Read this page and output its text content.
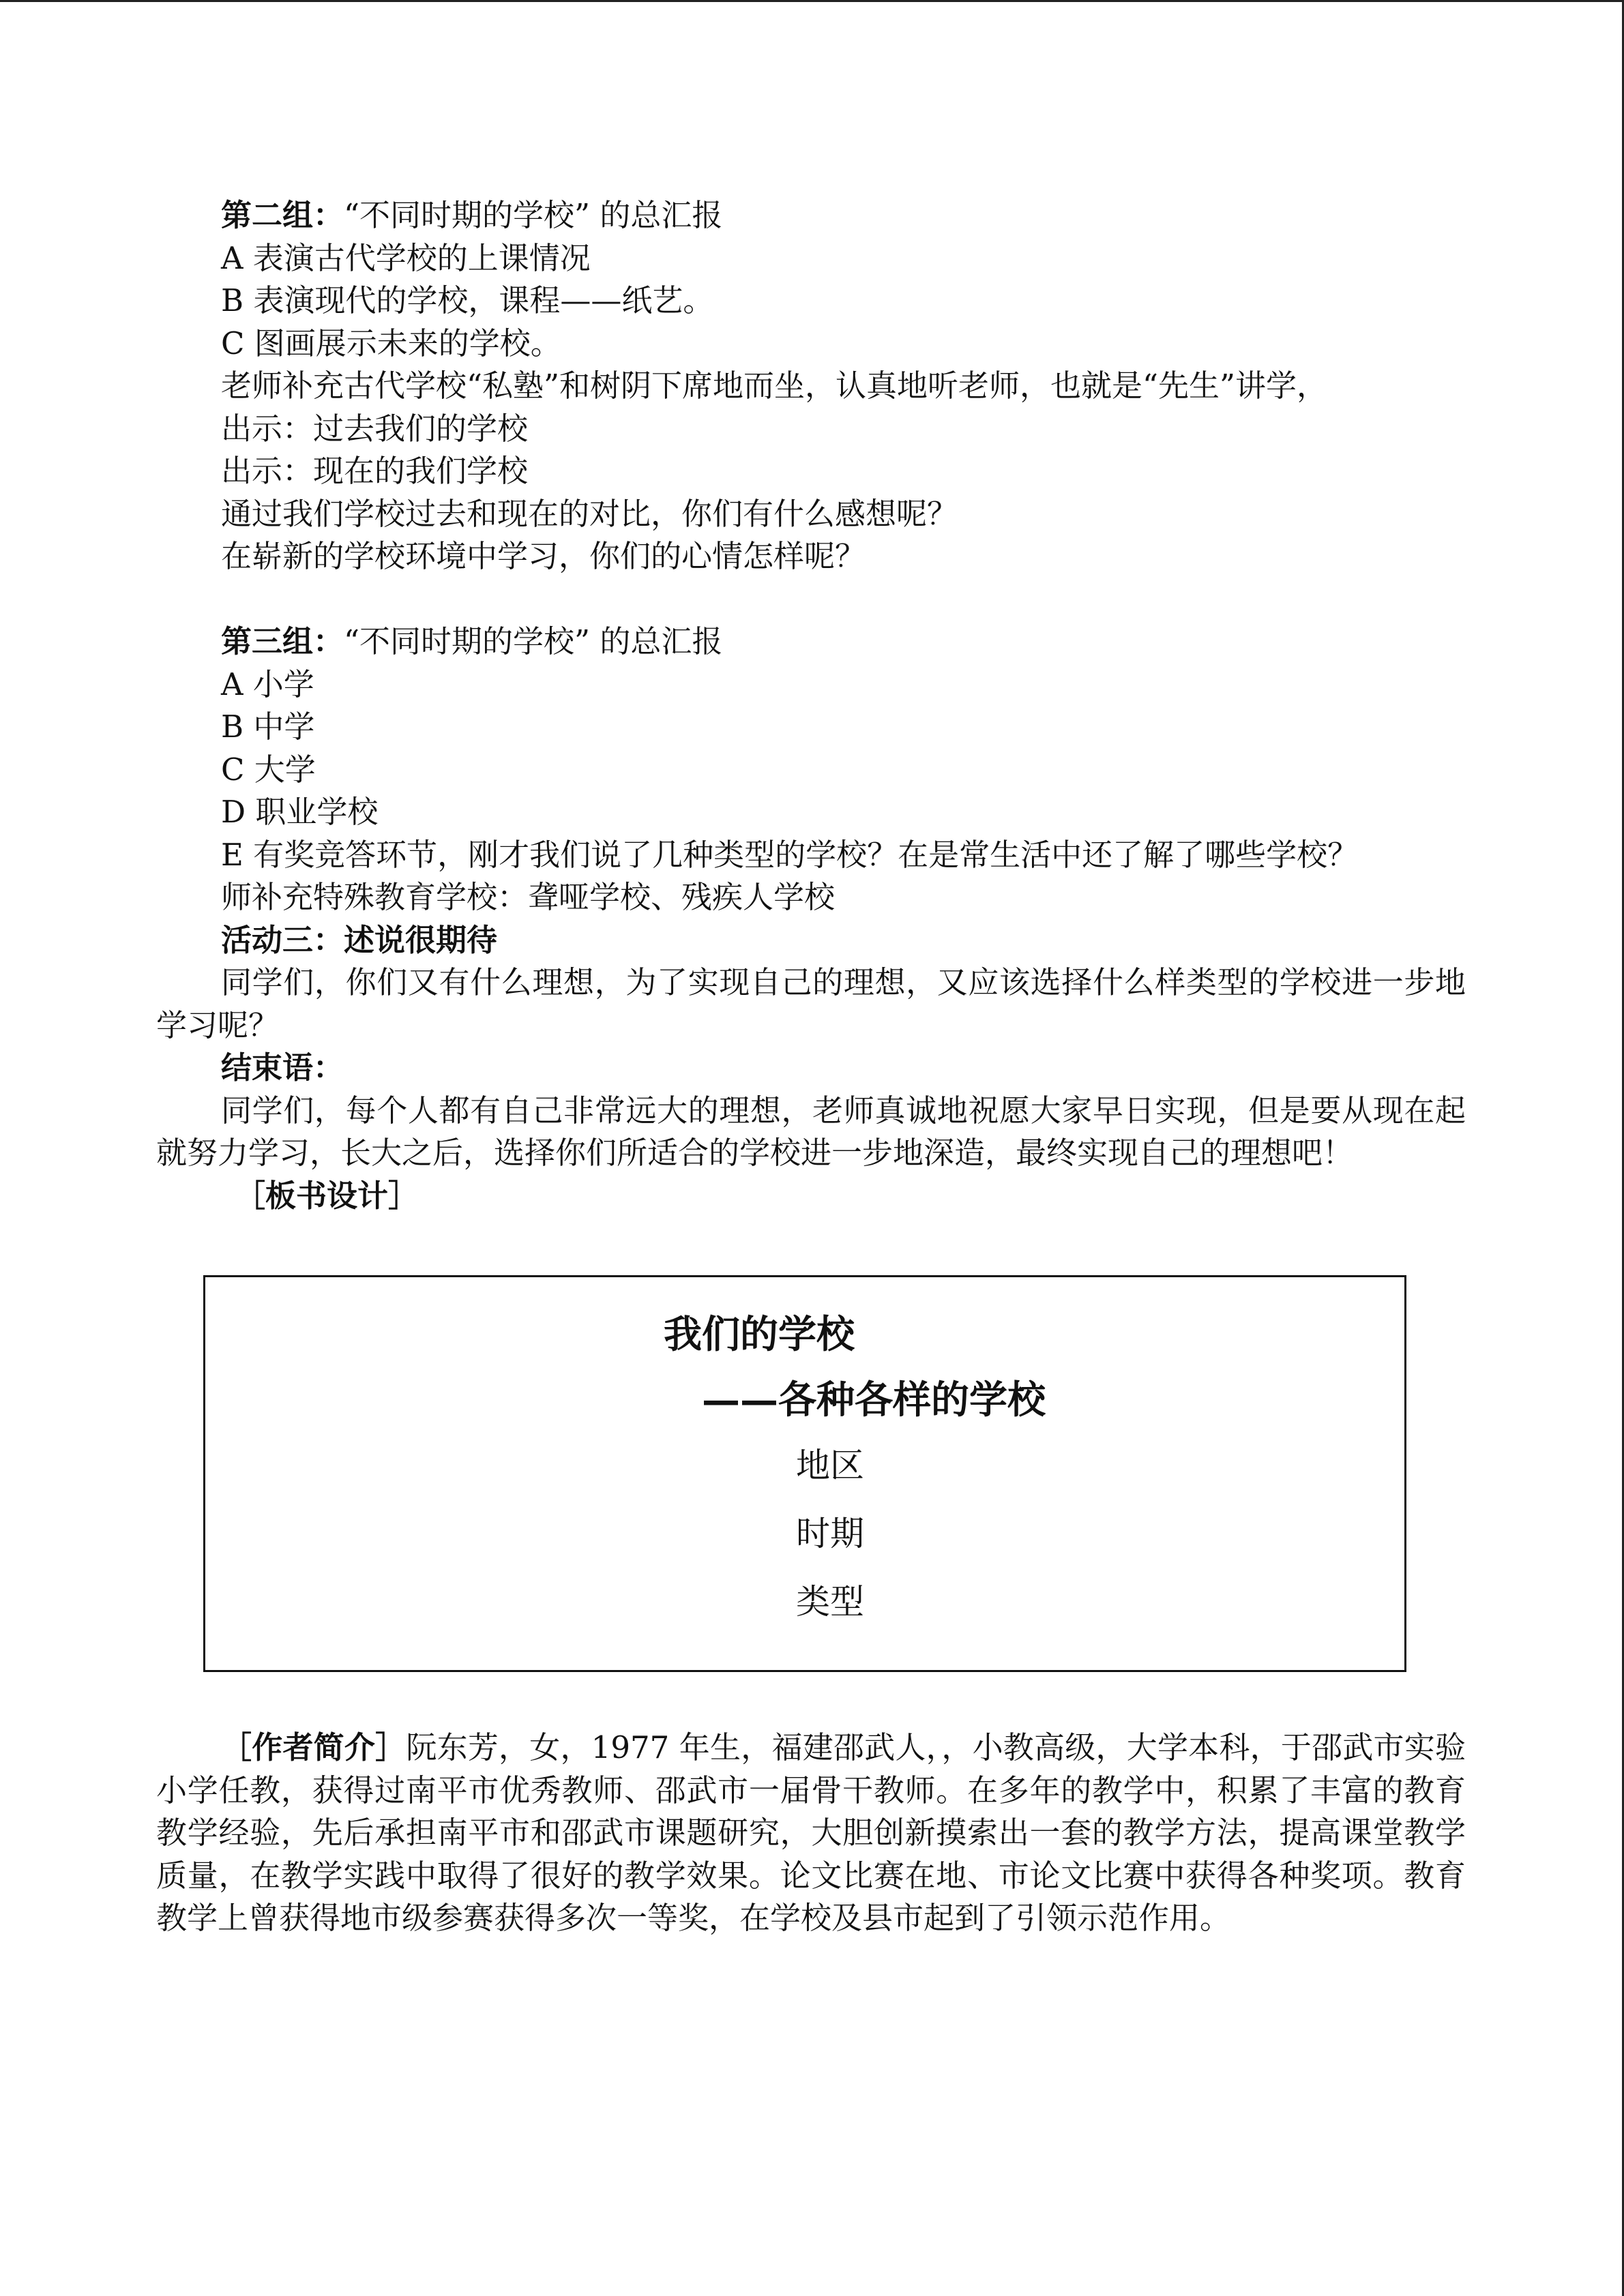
第二组：“不同时期的学校” 的总汇报
A 表演古代学校的上课情况
B 表演现代的学校，课程——纸艺。
C 图画展示未来的学校。
老师补充古代学校“私塾”和树阴下席地而坐，认真地听老师，也就是“先生”讲学，
出示：过去我们的学校
出示：现在的我们学校
通过我们学校过去和现在的对比，你们有什么感想呢？
在崭新的学校环境中学习，你们的心情怎样呢？
第三组：“不同时期的学校” 的总汇报
A 小学
B 中学
C 大学
D 职业学校
E 有奖竞答环节，刚才我们说了几种类型的学校？在是常生活中还了解了哪些学校？
师补充特殊教育学校：聋哑学校、残疾人学校
活动三：述说很期待

同学们，你们又有什么理想，为了实现自己的理想，又应该选择什么样类型的学校进一步地学习呢？

结束语：

同学们，每个人都有自己非常远大的理想，老师真诚地祝愿大家早日实现，但是要从现在起就努力学习，长大之后，选择你们所适合的学校进一步地深造，最终实现自己的理想吧！

［板书设计］
我们的学校
——各种各样的学校
地区
时期
类型

［作者简介］阮东芳，女，1977 年生，福建邵武人，，小教高级，大学本科，于邵武市实验小学任教，获得过南平市优秀教师、邵武市一届骨干教师。在多年的教学中，积累了丰富的教育教学经验，先后承担南平市和邵武市课题研究，大胆创新摸索出一套的教学方法，提高课堂教学质量，在教学实践中取得了很好的教学效果。论文比赛在地、市论文比赛中获得各种奖项。教育教学上曾获得地市级参赛获得多次一等奖，在学校及县市起到了引领示范作用。
